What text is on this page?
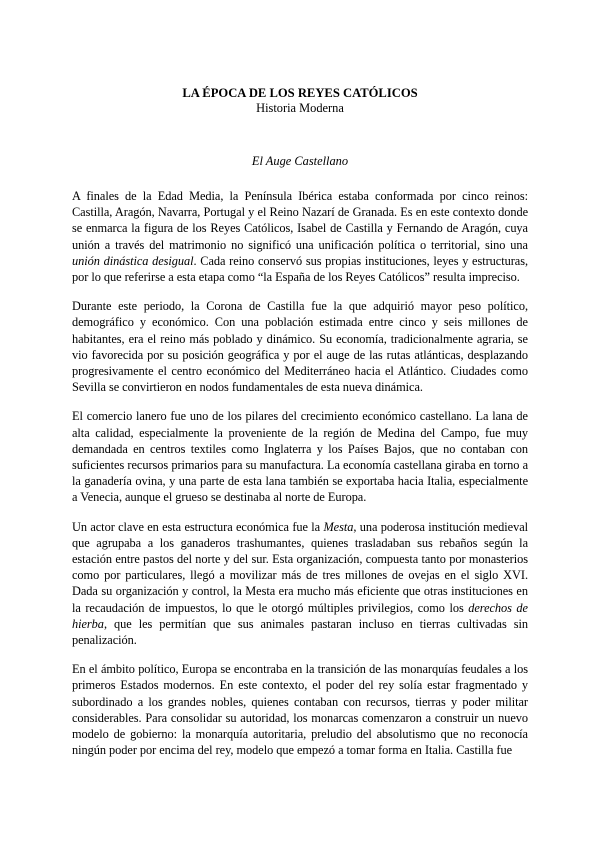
LA ÉPOCA DE LOS REYES CATÓLICOS
Historia Moderna
El Auge Castellano

A finales de la Edad Media, la Península Ibérica estaba conformada por cinco reinos: Castilla, Aragón, Navarra, Portugal y el Reino Nazarí de Granada. Es en este contexto donde se enmarca la figura de los Reyes Católicos, Isabel de Castilla y Fernando de Aragón, cuya unión a través del matrimonio no significó una unificación política o territorial, sino una unión dinástica desigual. Cada reino conservó sus propias instituciones, leyes y estructuras, por lo que referirse a esta etapa como “la España de los Reyes Católicos” resulta impreciso.

Durante este periodo, la Corona de Castilla fue la que adquirió mayor peso político, demográfico y económico. Con una población estimada entre cinco y seis millones de habitantes, era el reino más poblado y dinámico. Su economía, tradicionalmente agraria, se vio favorecida por su posición geográfica y por el auge de las rutas atlánticas, desplazando progresivamente el centro económico del Mediterráneo hacia el Atlántico. Ciudades como Sevilla se convirtieron en nodos fundamentales de esta nueva dinámica.

El comercio lanero fue uno de los pilares del crecimiento económico castellano. La lana de alta calidad, especialmente la proveniente de la región de Medina del Campo, fue muy demandada en centros textiles como Inglaterra y los Países Bajos, que no contaban con suficientes recursos primarios para su manufactura. La economía castellana giraba en torno a la ganadería ovina, y una parte de esta lana también se exportaba hacia Italia, especialmente a Venecia, aunque el grueso se destinaba al norte de Europa.

Un actor clave en esta estructura económica fue la Mesta, una poderosa institución medieval que agrupaba a los ganaderos trashumantes, quienes trasladaban sus rebaños según la estación entre pastos del norte y del sur. Esta organización, compuesta tanto por monasterios como por particulares, llegó a movilizar más de tres millones de ovejas en el siglo XVI. Dada su organización y control, la Mesta era mucho más eficiente que otras instituciones en la recaudación de impuestos, lo que le otorgó múltiples privilegios, como los derechos de hierba, que les permitían que sus animales pastaran incluso en tierras cultivadas sin penalización.

En el ámbito político, Europa se encontraba en la transición de las monarquías feudales a los primeros Estados modernos. En este contexto, el poder del rey solía estar fragmentado y subordinado a los grandes nobles, quienes contaban con recursos, tierras y poder militar considerables. Para consolidar su autoridad, los monarcas comenzaron a construir un nuevo modelo de gobierno: la monarquía autoritaria, preludio del absolutismo que no reconocía ningún poder por encima del rey, modelo que empezó a tomar forma en Italia. Castilla fue
